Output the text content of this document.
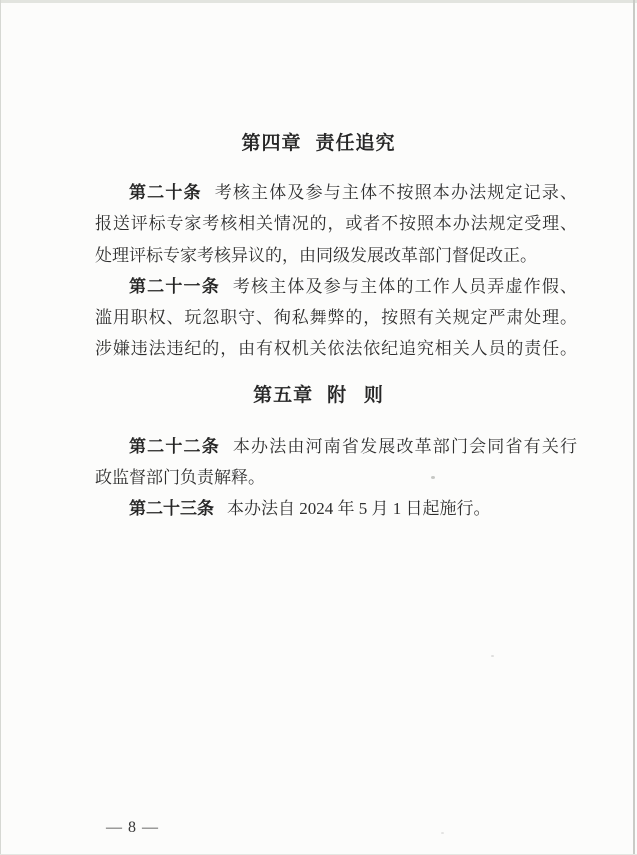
第四章 责任追究
第二十条 考核主体及参与主体不按照本办法规定记录、
报送评标专家考核相关情况的，或者不按照本办法规定受理、
处理评标专家考核异议的，由同级发展改革部门督促改正。
第二十一条 考核主体及参与主体的工作人员弄虚作假、
滥用职权、玩忽职守、徇私舞弊的，按照有关规定严肃处理。
涉嫌违法违纪的，由有权机关依法依纪追究相关人员的责任。
第五章 附 则
第二十二条 本办法由河南省发展改革部门会同省有关行
政监督部门负责解释。
第二十三条 本办法自 2024 年 5 月 1 日起施行。
— 8 —
